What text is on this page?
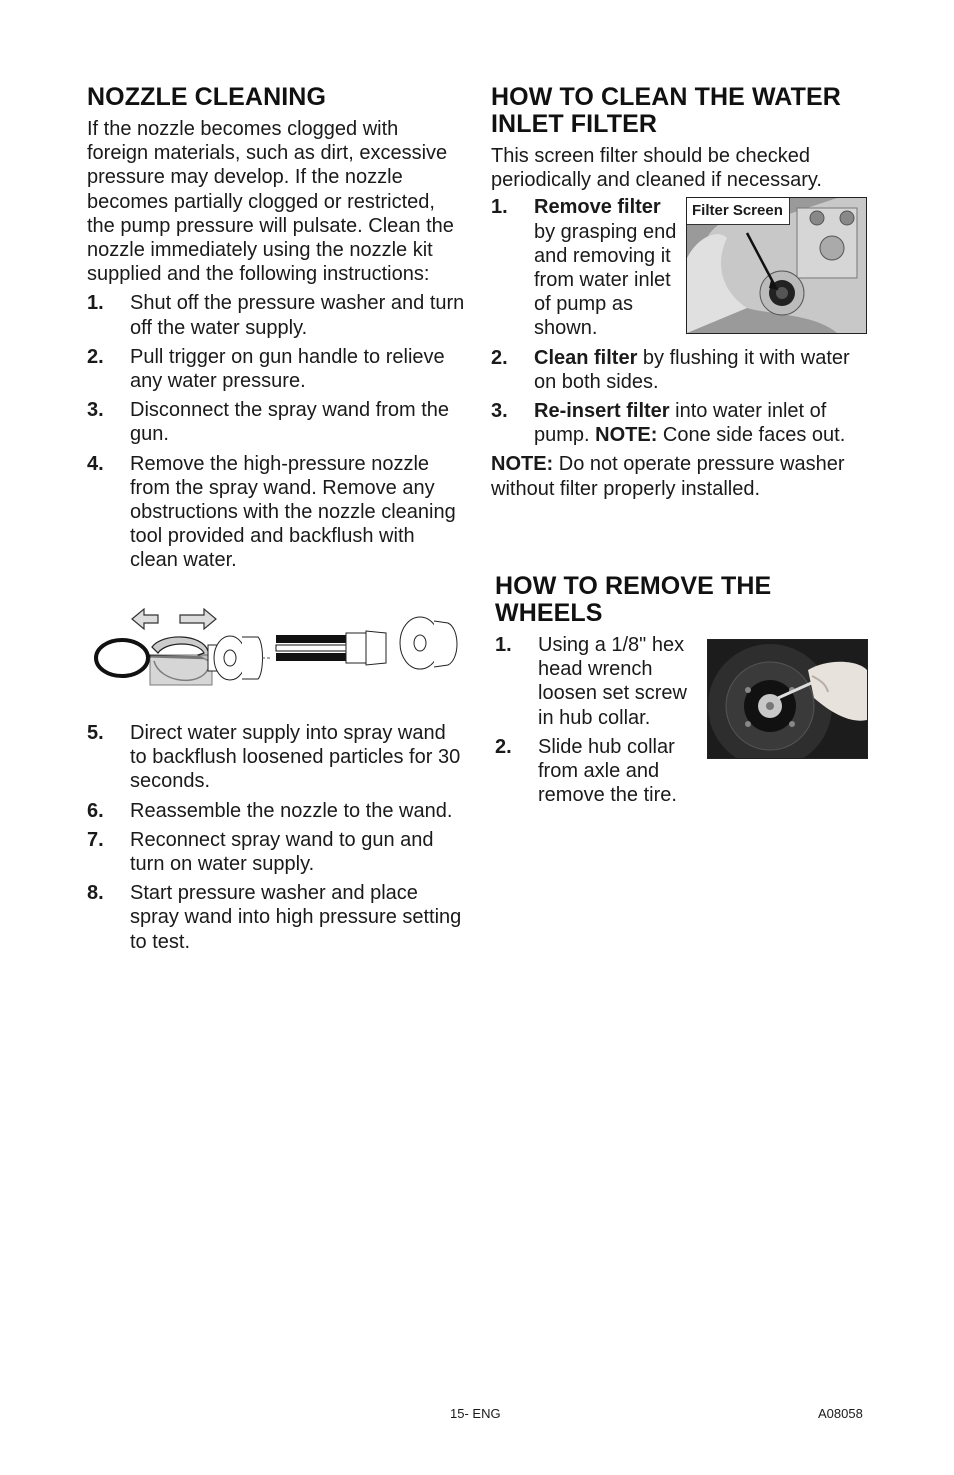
NOZZLE CLEANING

If the nozzle becomes clogged with foreign materials, such as dirt, excessive pressure may develop. If the nozzle becomes partially clogged or restricted, the pump pressure will pulsate. Clean the nozzle immediately using the nozzle kit supplied and the following instructions:

1. Shut off the pressure washer and turn off the water supply.
2. Pull trigger on gun handle to relieve any water pressure.
3. Disconnect the spray wand from the gun.
4. Remove the high-pressure nozzle from the spray wand. Remove any obstructions with the nozzle cleaning tool provided and backflush with clean water.
5. Direct water supply into spray wand to backflush loosened particles for 30 seconds.
6. Reassemble the nozzle to the wand.
7. Reconnect spray wand to gun and turn on water supply.
8. Start pressure washer and place spray wand into high pressure setting to test.
HOW TO CLEAN THE WATER
INLET FILTER

This screen filter should be checked periodically and cleaned if necessary.

1. Remove filter by grasping end and removing it from water inlet of pump as shown.
2. Clean filter by flushing it with water on both sides.
3. Re-insert filter into water inlet of pump. NOTE: Cone side faces out.

NOTE: Do not operate pressure washer without filter properly installed.

Filter Screen
HOW TO REMOVE THE
WHEELS
1. Using a 1/8" hex head wrench loosen set screw in hub collar.
2. Slide hub collar from axle and remove the tire.
15- ENG	A08058
